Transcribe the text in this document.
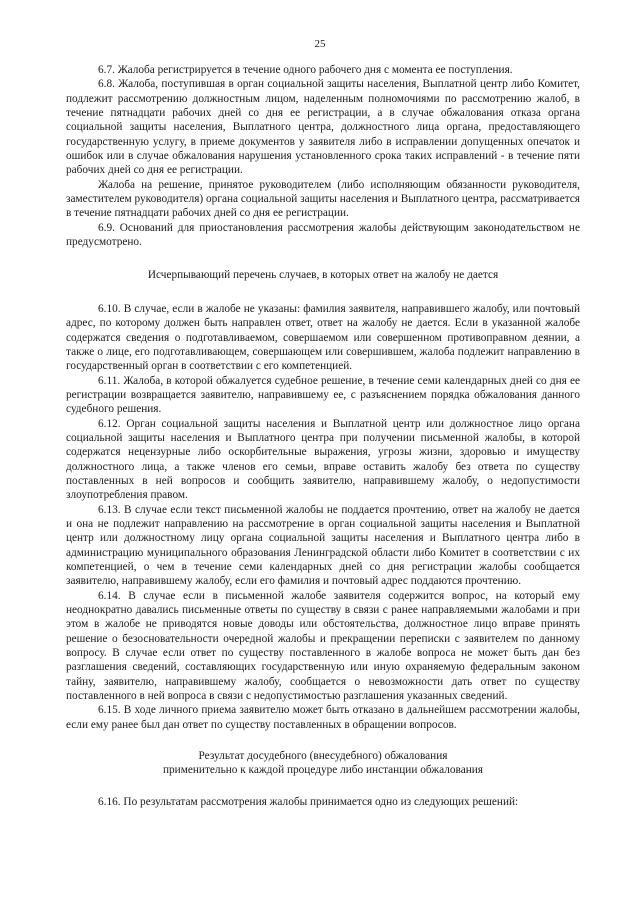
25

6.7. Жалоба регистрируется в течение одного рабочего дня с момента ее поступления.

6.8. Жалоба, поступившая в орган социальной защиты населения, Выплатной центр либо Комитет, подлежит рассмотрению должностным лицом, наделенным полномочиями по рассмотрению жалоб, в течение пятнадцати рабочих дней со дня ее регистрации, а в случае обжалования отказа органа социальной защиты населения, Выплатного центра, должностного лица органа, предоставляющего государственную услугу, в приеме документов у заявителя либо в исправлении допущенных опечаток и ошибок или в случае обжалования нарушения установленного срока таких исправлений - в течение пяти рабочих дней со дня ее регистрации.

Жалоба на решение, принятое руководителем (либо исполняющим обязанности руководителя, заместителем руководителя) органа социальной защиты населения и Выплатного центра, рассматривается в течение пятнадцати рабочих дней со дня ее регистрации.

6.9. Оснований для приостановления рассмотрения жалобы действующим законодательством не предусмотрено.

Исчерпывающий перечень случаев, в которых ответ на жалобу не дается

6.10. В случае, если в жалобе не указаны: фамилия заявителя, направившего жалобу, или почтовый адрес, по которому должен быть направлен ответ, ответ на жалобу не дается. Если в указанной жалобе содержатся сведения о подготавливаемом, совершаемом или совершенном противоправном деянии, а также о лице, его подготавливающем, совершающем или совершившем, жалоба подлежит направлению в государственный орган в соответствии с его компетенцией.

6.11. Жалоба, в которой обжалуется судебное решение, в течение семи календарных дней со дня ее регистрации возвращается заявителю, направившему ее, с разъяснением порядка обжалования данного судебного решения.

6.12. Орган социальной защиты населения и Выплатной центр или должностное лицо органа социальной защиты населения и Выплатного центра при получении письменной жалобы, в которой содержатся нецензурные либо оскорбительные выражения, угрозы жизни, здоровью и имуществу должностного лица, а также членов его семьи, вправе оставить жалобу без ответа по существу поставленных в ней вопросов и сообщить заявителю, направившему жалобу, о недопустимости злоупотребления правом.

6.13. В случае если текст письменной жалобы не поддается прочтению, ответ на жалобу не дается и она не подлежит направлению на рассмотрение в орган социальной защиты населения и Выплатной центр или должностному лицу органа социальной защиты населения и Выплатного центра либо в администрацию муниципального образования Ленинградской области либо Комитет в соответствии с их компетенцией, о чем в течение семи календарных дней со дня регистрации жалобы сообщается заявителю, направившему жалобу, если его фамилия и почтовый адрес поддаются прочтению.

6.14. В случае если в письменной жалобе заявителя содержится вопрос, на который ему неоднократно давались письменные ответы по существу в связи с ранее направляемыми жалобами и при этом в жалобе не приводятся новые доводы или обстоятельства, должностное лицо вправе принять решение о безосновательности очередной жалобы и прекращении переписки с заявителем по данному вопросу. В случае если ответ по существу поставленного в жалобе вопроса не может быть дан без разглашения сведений, составляющих государственную или иную охраняемую федеральным законом тайну, заявителю, направившему жалобу, сообщается о невозможности дать ответ по существу поставленного в ней вопроса в связи с недопустимостью разглашения указанных сведений.

6.15. В ходе личного приема заявителю может быть отказано в дальнейшем рассмотрении жалобы, если ему ранее был дан ответ по существу поставленных в обращении вопросов.

Результат досудебного (внесудебного) обжалования

применительно к каждой процедуре либо инстанции обжалования

6.16. По результатам рассмотрения жалобы принимается одно из следующих решений:
